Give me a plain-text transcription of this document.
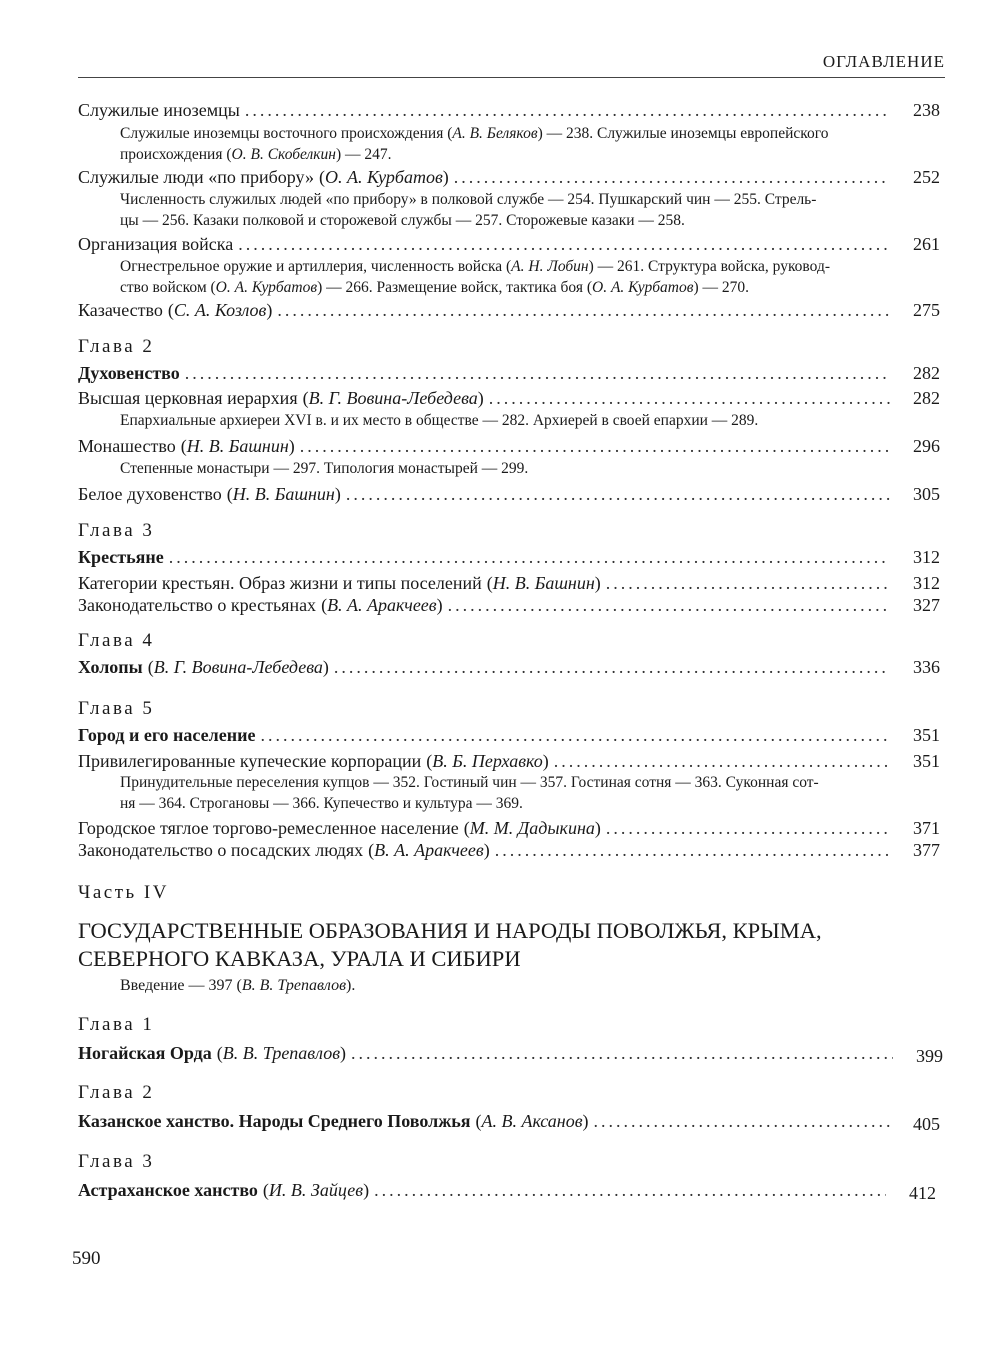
ОГЛАВЛЕНИЕ
Служилые иноземцы .....	238
Служилые иноземцы восточного происхождения (А. В. Беляков) — 238. Служилые иноземцы европейского
происхождения (О. В. Скобелкин) — 247.
Служилые люди «по прибору» ( О. А. Курбатов ) .....	252
Численность служилых людей «по прибору» в полковой службе — 254. Пушкарский чин — 255. Стрель-
цы — 256. Казаки полковой и сторожевой службы — 257. Сторожевые казаки — 258.
Организация войска .....	261
Огнестрельное оружие и артиллерия, численность войска (А. Н. Лобин) — 261. Структура войска, руковод-
ство войском (О. А. Курбатов) — 266. Размещение войск, тактика боя (О. А. Курбатов) — 270.
Казачество ( С. А. Козлов ) .....	275
Глава 2
Духовенство .....	282
Высшая церковная иерархия ( В. Г. Вовина-Лебедева ) .....	282
Епархиальные архиереи XVI в. и их место в обществе — 282. Архиерей в своей епархии — 289.
Монашество ( Н. В. Башнин ) .....	296
Степенные монастыри — 297. Типология монастырей — 299.
Белое духовенство ( Н. В. Башнин ) .....	305
Глава 3
Крестьяне .....	312
Категории крестьян. Образ жизни и типы поселений ( Н. В. Башнин ) .....	312
Законодательство о крестьянах ( В. А. Аракчеев ) .....	327
Глава 4
Холопы ( В. Г. Вовина-Лебедева ) .....	336
Глава 5
Город и его население .....	351
Привилегированные купеческие корпорации ( В. Б. Перхавко ) .....	351
Принудительные переселения купцов — 352. Гостиный чин — 357. Гостиная сотня — 363. Суконная сот-
ня — 364. Строгановы — 366. Купечество и культура — 369.
Городское тяглое торгово-ремесленное население ( М. М. Дадыкина ) .....	371
Законодательство о посадских людях ( В. А. Аракчеев ) .....	377
Часть IV
ГОСУДАРСТВЕННЫЕ ОБРАЗОВАНИЯ И НАРОДЫ ПОВОЛЖЬЯ, КРЫМА,
СЕВЕРНОГО КАВКАЗА, УРАЛА И СИБИРИ
Введение — 397 (В. В. Трепавлов).
Глава 1
Ногайская Орда ( В. В. Трепавлов ) .....	399
Глава 2
Казанское ханство. Народы Среднего Поволжья ( А. В. Аксанов ) .....	405
Глава 3
Астраханское ханство ( И. В. Зайцев ) .....	412
590
